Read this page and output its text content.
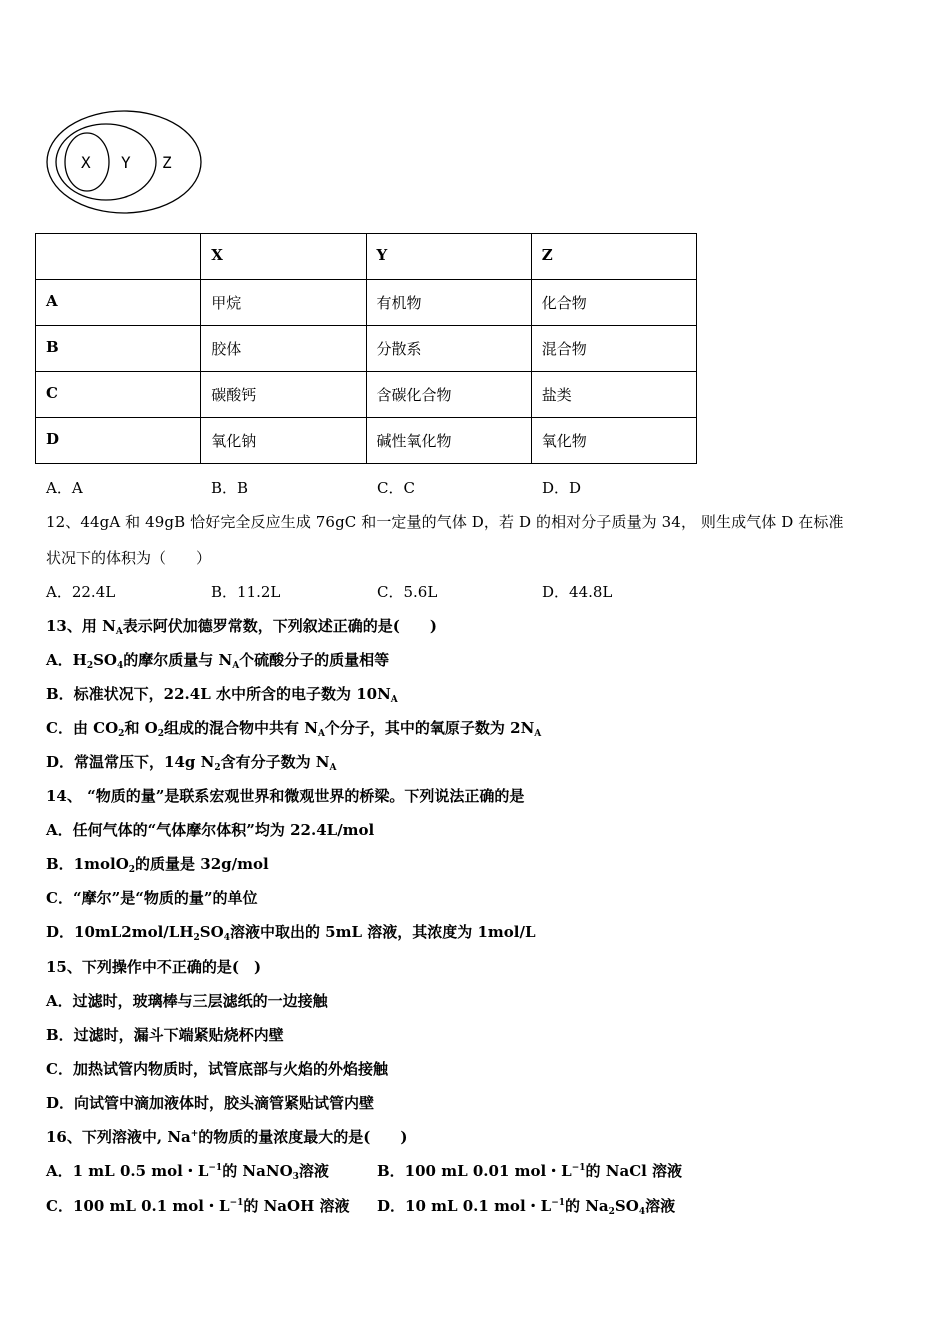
X Y Z
	X	Y	Z
A	甲烷	有机物	化合物
B	胶体	分散系	混合物
C	碳酸钙	含碳化合物	盐类
D	氧化钠	碱性氧化物	氧化物
A．A	B．B	C．C	D．D
12、44gA 和 49gB 恰好完全反应生成 76gC 和一定量的气体 D，若 D 的相对分子质量为 34， 则生成气体 D 在标准
状况下的体积为（　　）
A．22.4L	B．11.2L	C．5.6L	D．44.8L
13、用 $N_A$表示阿伏加德罗常数，下列叙述正确的是(　　)
A．$H_2SO_4$的摩尔质量与 $N_A$个硫酸分子的质量相等
B．标准状况下，22.4L 水中所含的电子数为 $10N_A$
C．由 $CO_2$和 $O_2$组成的混合物中共有 $N_A$个分子，其中的氧原子数为 $2N_A$
D．常温常压下，14g $N_2$含有分子数为 $N_A$
14、 “物质的量”是联系宏观世界和微观世界的桥梁。下列说法正确的是
A．任何气体的“气体摩尔体积”均为 22.4L/mol
B．1molO$_2$的质量是 32g/mol
C．“摩尔”是“物质的量”的单位
D．$10mL2mol/LH_2SO_4$溶液中取出的 5mL 溶液，其浓度为 1mol/L
15、下列操作中不正确的是(　)
A．过滤时，玻璃棒与三层滤纸的一边接触
B．过滤时，漏斗下端紧贴烧杯内壁
C．加热试管内物质时，试管底部与火焰的外焰接触
D．向试管中滴加液体时，胶头滴管紧贴试管内壁
16、下列溶液中, Na+的物质的量浓度最大的是(　　)
A．1 mL 0.5 mol・$L^{-1}$的 NaNO$_3$溶液	B．100 mL 0.01 mol・$L^{-1}$的 NaCl 溶液
C．100 mL 0.1 mol・$L^{-1}$的 NaOH 溶液 D．10 mL 0.1 mol・$L^{-1}$的 $Na_2SO_4$溶液
